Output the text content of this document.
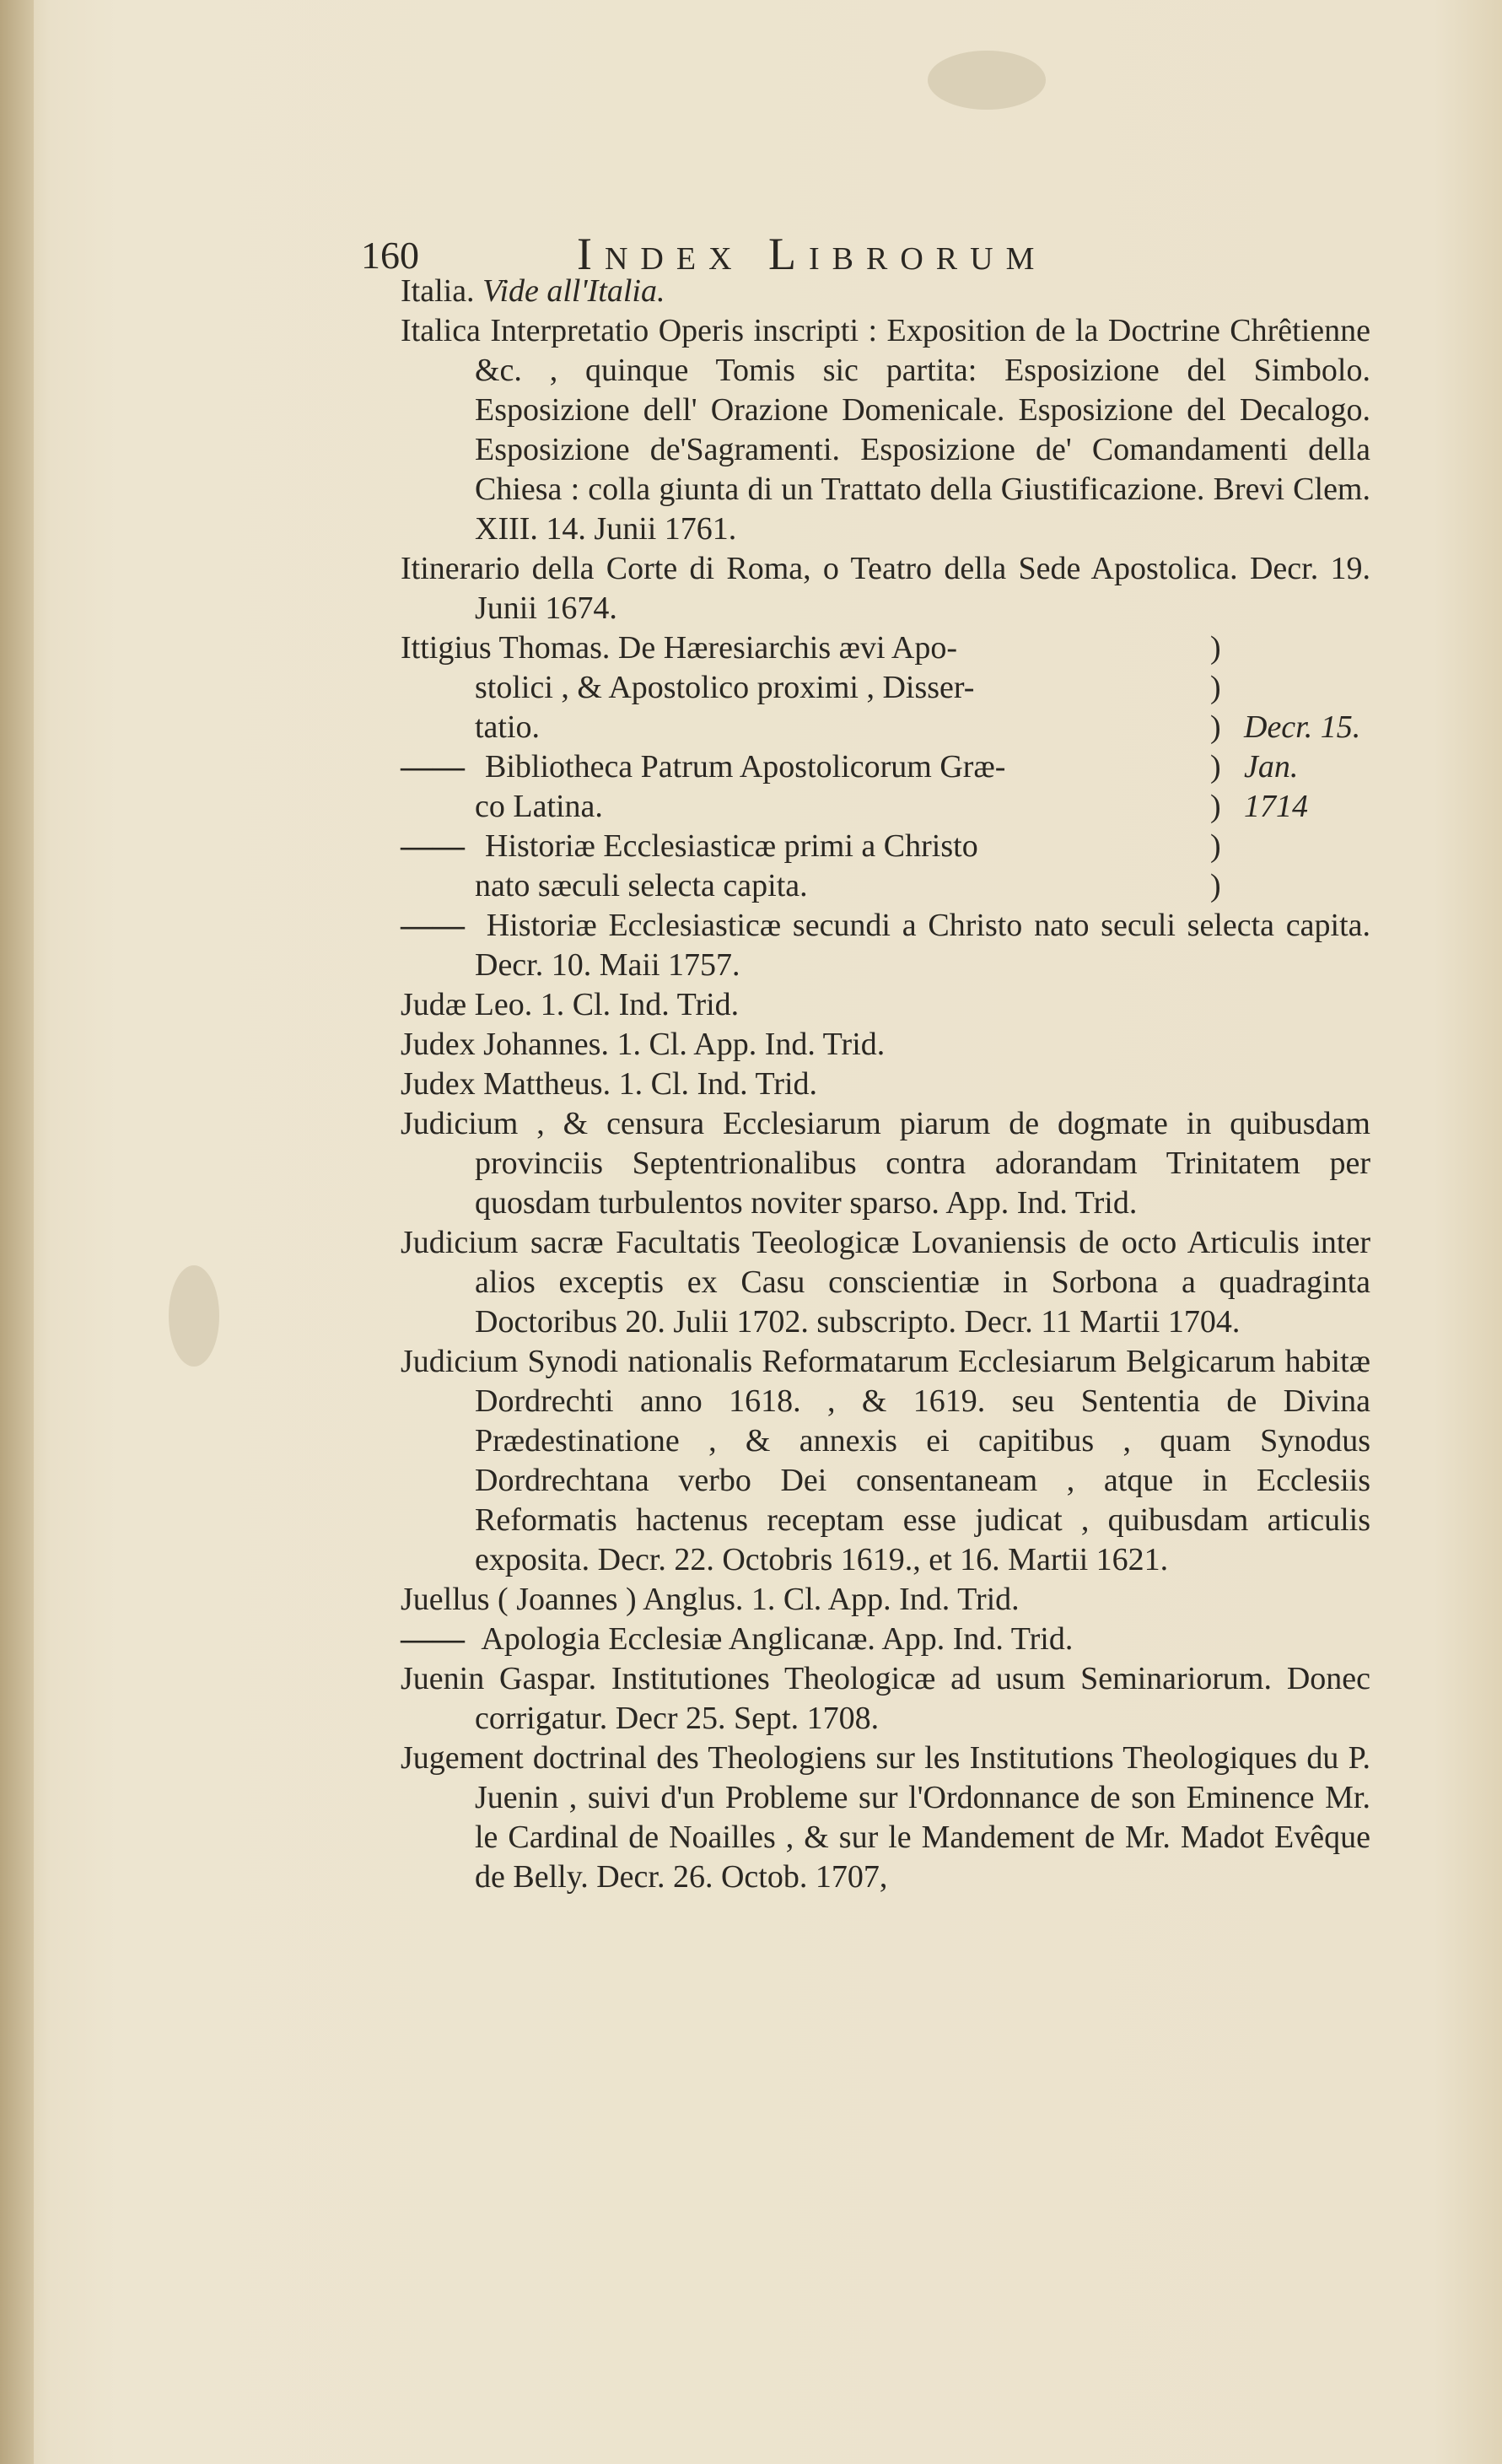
160	Index Librorum

Italia. Vide all'Italia.

Italica Interpretatio Operis inscripti : Exposition de la Doctrine Chrêtienne &c. , quinque Tomis sic partita: Esposizione del Simbolo. Esposizione dell' Orazione Domenicale. Esposizione del Decalogo. Esposizione de'Sagramenti. Esposizione de' Comandamenti della Chiesa : colla giunta di un Trattato della Giustificazione. Brevi Clem. XIII. 14. Junii 1761.

Itinerario della Corte di Roma, o Teatro della Sede Apostolica. Decr. 19. Junii 1674.

Ittigius Thomas. De Hæresiarchis ævi Apo-
stolici , & Apostolico proximi , Disser-
tatio.
—— Bibliotheca Patrum Apostolicorum Græ-
co Latina.
—— Historiæ Ecclesiasticæ primi a Christo
nato sæculi selecta capita.
)
)
)
)
)
)
)

Decr. 15.
Jan.
1714

—— Historiæ Ecclesiasticæ secundi a Christo nato seculi selecta capita. Decr. 10. Maii 1757.

Judæ Leo. 1. Cl. Ind. Trid.

Judex Johannes. 1. Cl. App. Ind. Trid.

Judex Mattheus. 1. Cl. Ind. Trid.

Judicium , & censura Ecclesiarum piarum de dogmate in quibusdam provinciis Septentrionalibus contra adorandam Trinitatem per quosdam turbulentos noviter sparso. App. Ind. Trid.

Judicium sacræ Facultatis Teeologicæ Lovaniensis de octo Articulis inter alios exceptis ex Casu conscientiæ in Sorbona a quadraginta Doctoribus 20. Julii 1702. subscripto. Decr. 11 Martii 1704.

Judicium Synodi nationalis Reformatarum Ecclesiarum Belgicarum habitæ Dordrechti anno 1618. , & 1619. seu Sententia de Divina Prædestinatione , & annexis ei capitibus , quam Synodus Dordrechtana verbo Dei consentaneam , atque in Ecclesiis Reformatis hactenus receptam esse judicat , quibusdam articulis exposita. Decr. 22. Octobris 1619., et 16. Martii 1621.

Juellus ( Joannes ) Anglus. 1. Cl. App. Ind. Trid.

—— Apologia Ecclesiæ Anglicanæ. App. Ind. Trid.

Juenin Gaspar. Institutiones Theologicæ ad usum Seminariorum. Donec corrigatur. Decr 25. Sept. 1708.

Jugement doctrinal des Theologiens sur les Institutions Theologiques du P. Juenin , suivi d'un Probleme sur l'Ordonnance de son Eminence Mr. le Cardinal de Noailles , & sur le Mandement de Mr. Madot Evêque de Belly. Decr. 26. Octob. 1707,
